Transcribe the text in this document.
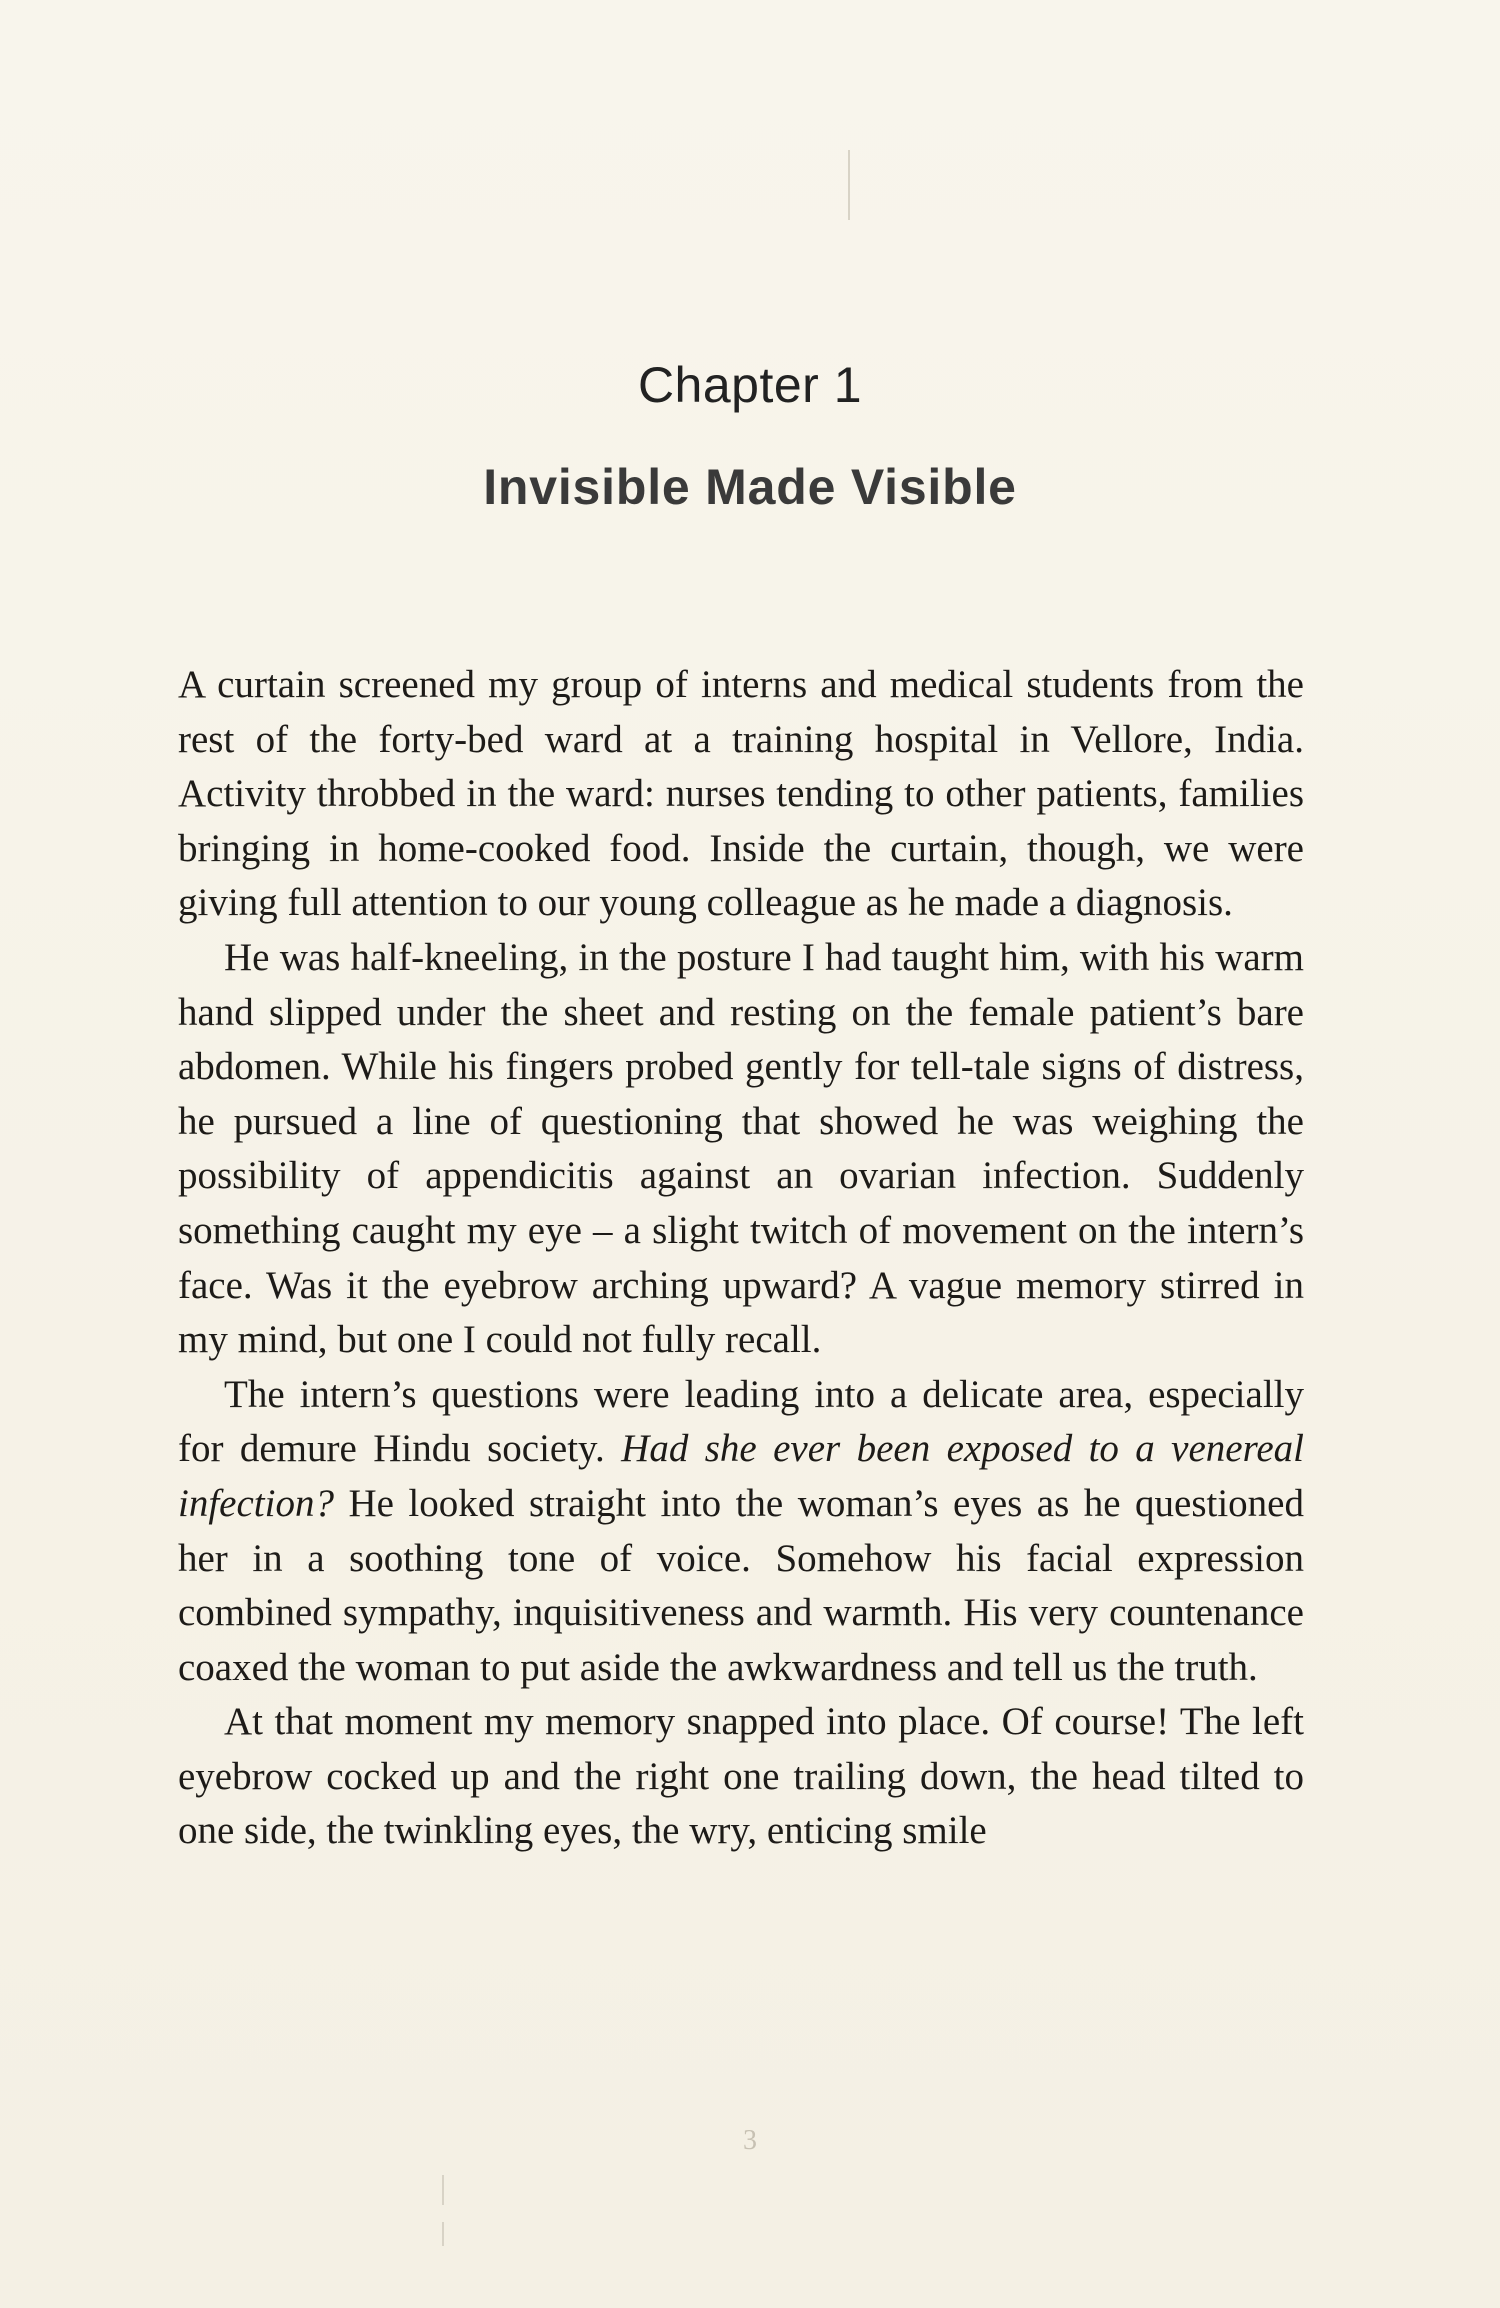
Chapter 1
Invisible Made Visible

A curtain screened my group of interns and medical students from the rest of the forty-bed ward at a training hospital in Vellore, India. Activity throbbed in the ward: nurses tending to other patients, families bringing in home-cooked food. Inside the curtain, though, we were giving full attention to our young colleague as he made a diagnosis.

He was half-kneeling, in the posture I had taught him, with his warm hand slipped under the sheet and resting on the female patient’s bare abdomen. While his fingers probed gently for tell-tale signs of distress, he pursued a line of questioning that showed he was weighing the possibility of appendicitis against an ovarian infection. Suddenly something caught my eye – a slight twitch of movement on the intern’s face. Was it the eyebrow arching upward? A vague memory stirred in my mind, but one I could not fully recall.

The intern’s questions were leading into a delicate area, especially for demure Hindu society. Had she ever been exposed to a venereal infection? He looked straight into the woman’s eyes as he questioned her in a soothing tone of voice. Somehow his facial expression combined sympathy, inquisitiveness and warmth. His very countenance coaxed the woman to put aside the awkwardness and tell us the truth.

At that moment my memory snapped into place. Of course! The left eyebrow cocked up and the right one trailing down, the head tilted to one side, the twinkling eyes, the wry, enticing smile

3
